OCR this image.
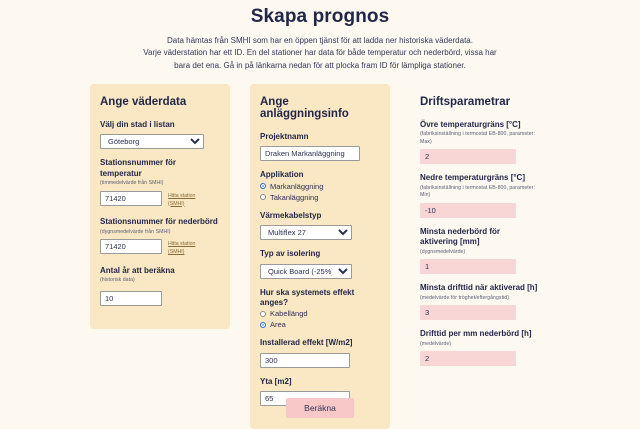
Skapa prognos

Data hämtas från SMHI som har en öppen tjänst för att ladda ner historiska väderdata.

Varje väderstation har ett ID. En del stationer har data för både temperatur och nederbörd, vissa har

bara det ena. Gå in på länkarna nedan för att plocka fram ID för lämpliga stationer.

Ange väderdata
Välj din stad i listan
Göteborg
Stationsnummer för temperatur
(timmedelvärde från SMHI)
71420
Hitta station (SMHI)
Stationsnummer för nederbörd
(dygnsmedelvärde från SMHI)
71420
Hitta station (SMHI)
Antal år att beräkna
(historisk data)
10
Ange anläggningsinfo
Projektnamn
Draken Markanläggning
Applikation
Markanläggning
Takanläggning
Värmekabelstyp
Multiflex 27
Typ av isolering
Quick Board (-25%)
Hur ska systemets effekt anges?
Kabellängd
Area
Installerad effekt [W/m2]
300
Yta [m2]
65
Driftsparametrar
Övre temperaturgräns [°C]
(fabriksinställning i termostat EB-800, parameter: Max)
2
Nedre temperaturgräns [°C]
(fabriksinställning i termostat EB-800, parameter: Min)
-10
Minsta nederbörd för aktivering [mm]
(dygnsmedelvärde)
1
Minsta drifttid när aktiverad [h]
(medelvärde för tröghet/eftergångstid)
3
Drifttid per mm nederbörd [h]
(medelvärde)
2
Beräkna
